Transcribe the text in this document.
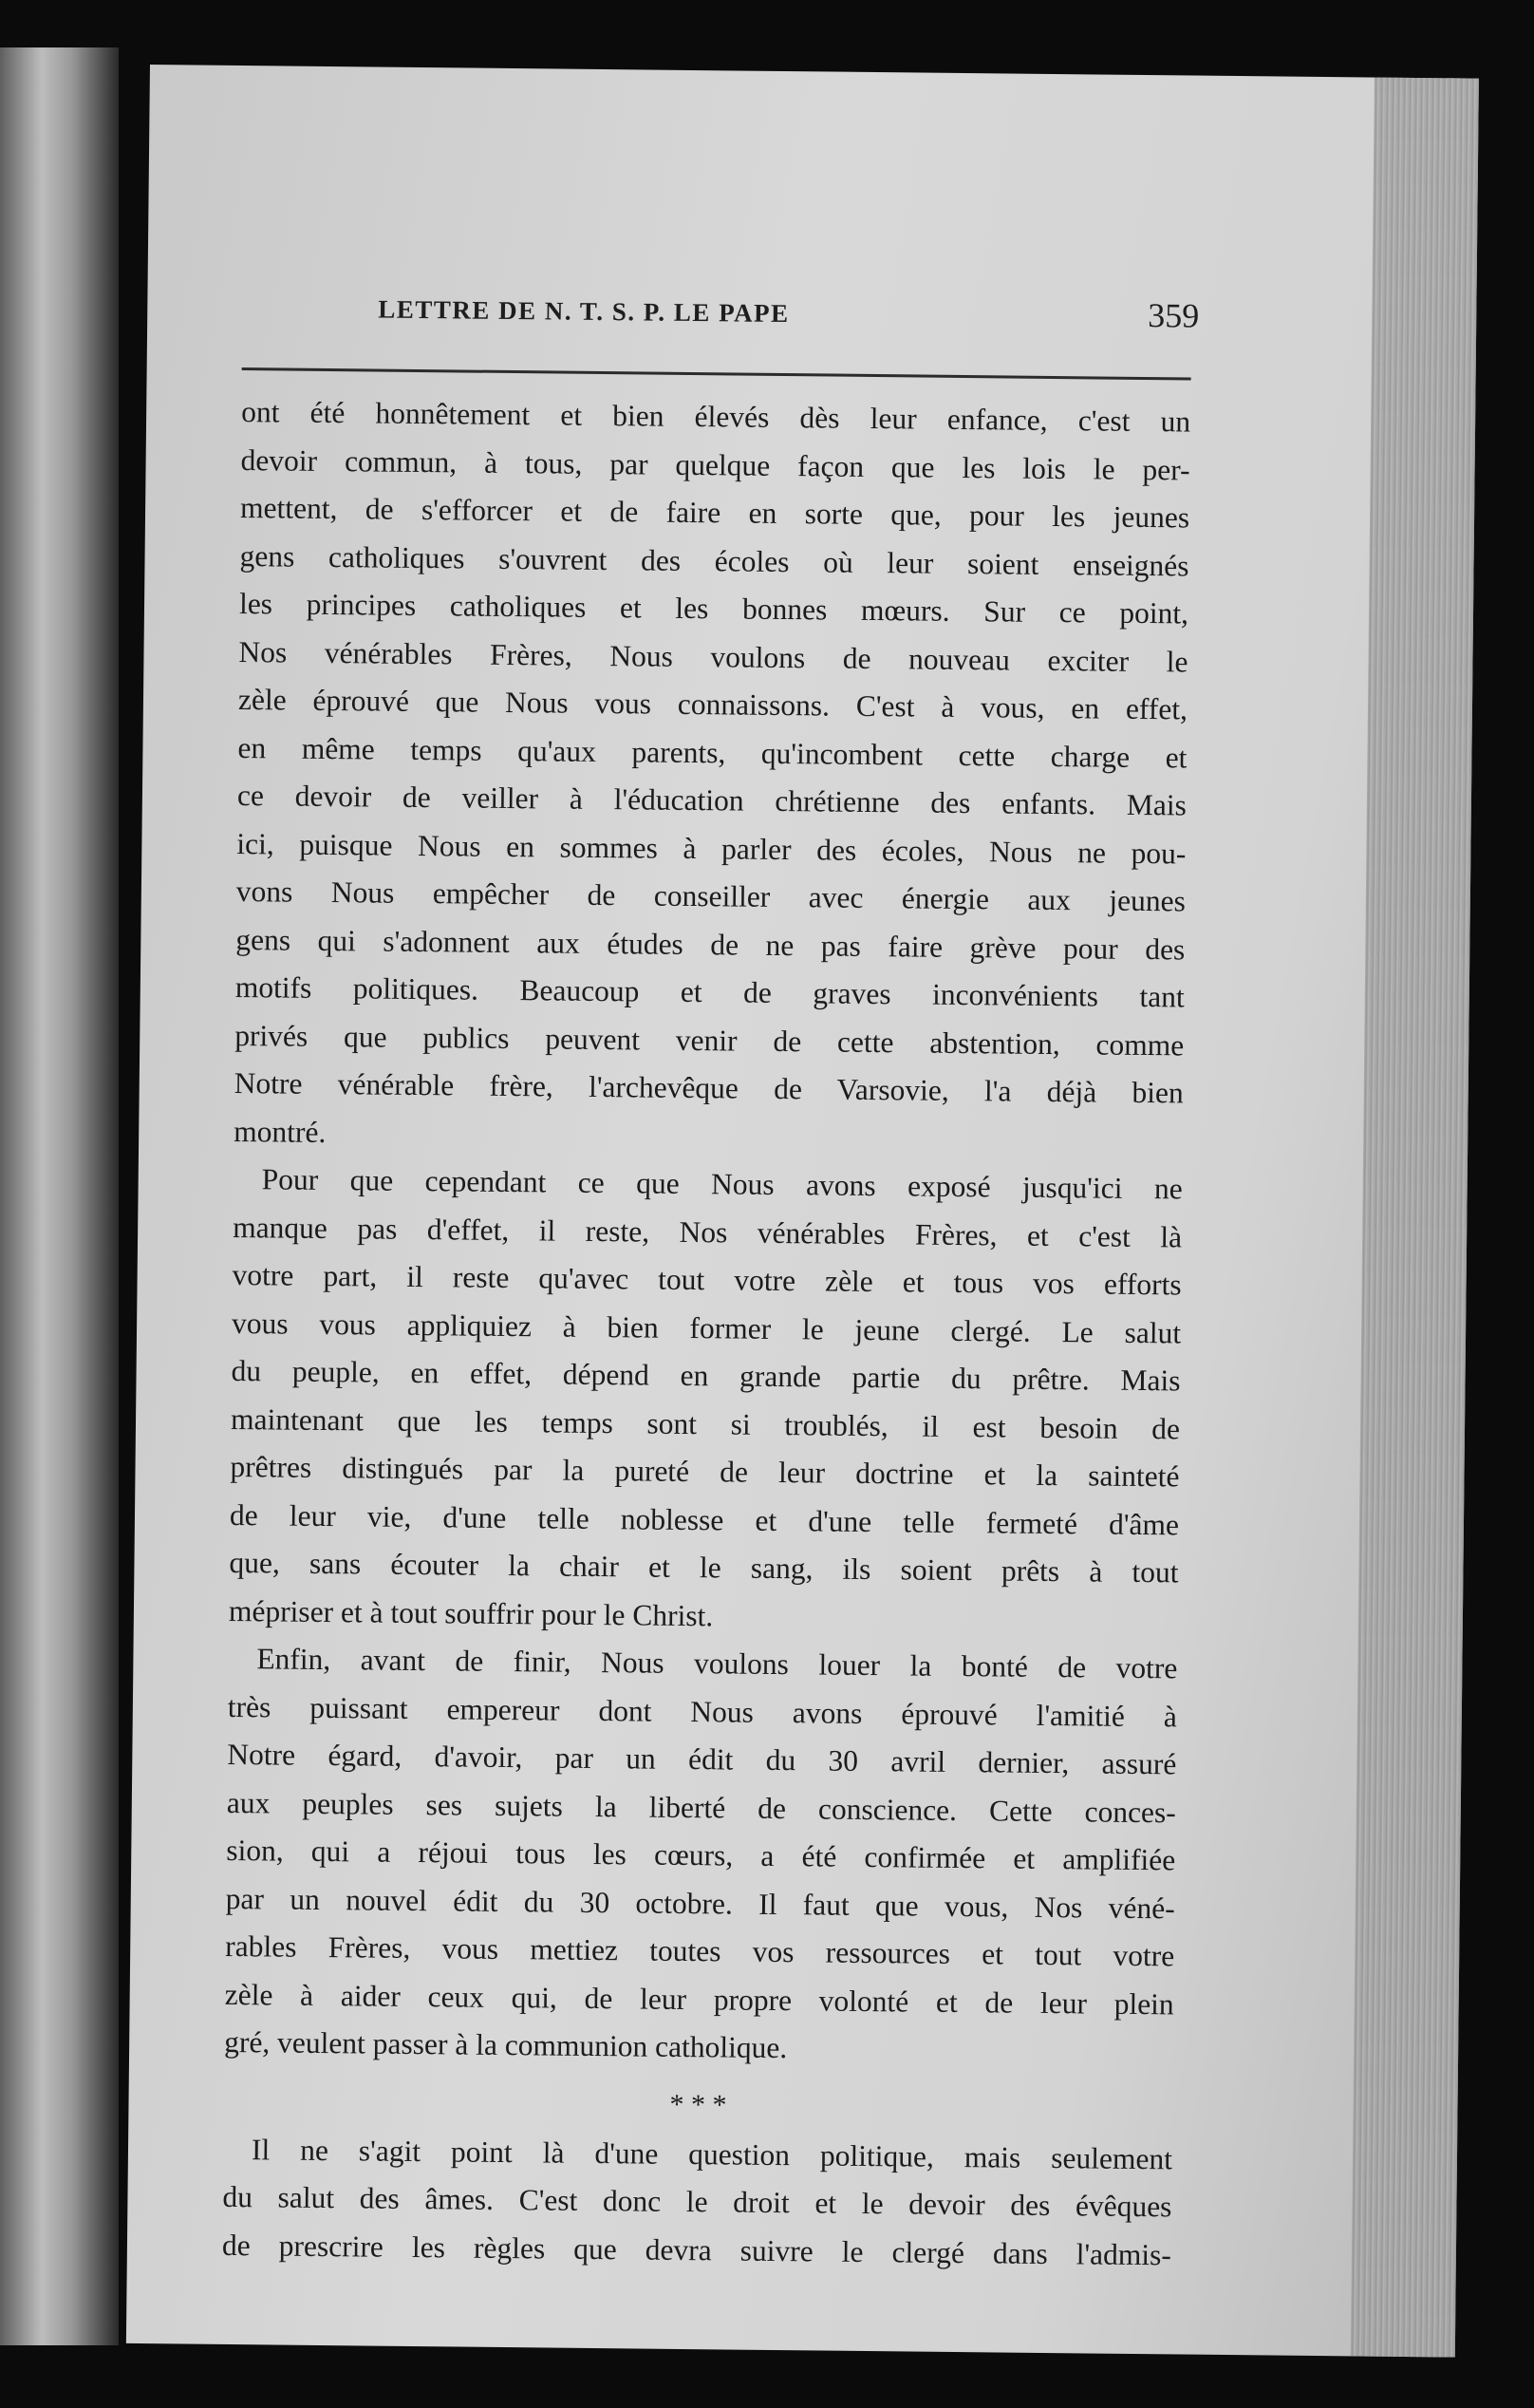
LETTRE DE N. T. S. P. LE PAPE	359
ont été honnêtement et bien élevés dès leur enfance, c'est un
devoir commun, à tous, par quelque façon que les lois le per-
mettent, de s'efforcer et de faire en sorte que, pour les jeunes
gens catholiques s'ouvrent des écoles où leur soient enseignés
les principes catholiques et les bonnes mœurs. Sur ce point,
Nos vénérables Frères, Nous voulons de nouveau exciter le
zèle éprouvé que Nous vous connaissons. C'est à vous, en effet,
en même temps qu'aux parents, qu'incombent cette charge et
ce devoir de veiller à l'éducation chrétienne des enfants. Mais
ici, puisque Nous en sommes à parler des écoles, Nous ne pou-
vons Nous empêcher de conseiller avec énergie aux jeunes
gens qui s'adonnent aux études de ne pas faire grève pour des
motifs politiques. Beaucoup et de graves inconvénients tant
privés que publics peuvent venir de cette abstention, comme
Notre vénérable frère, l'archevêque de Varsovie, l'a déjà bien
montré.
Pour que cependant ce que Nous avons exposé jusqu'ici ne
manque pas d'effet, il reste, Nos vénérables Frères, et c'est là
votre part, il reste qu'avec tout votre zèle et tous vos efforts
vous vous appliquiez à bien former le jeune clergé. Le salut
du peuple, en effet, dépend en grande partie du prêtre. Mais
maintenant que les temps sont si troublés, il est besoin de
prêtres distingués par la pureté de leur doctrine et la sainteté
de leur vie, d'une telle noblesse et d'une telle fermeté d'âme
que, sans écouter la chair et le sang, ils soient prêts à tout
mépriser et à tout souffrir pour le Christ.
Enfin, avant de finir, Nous voulons louer la bonté de votre
très puissant empereur dont Nous avons éprouvé l'amitié à
Notre égard, d'avoir, par un édit du 30 avril dernier, assuré
aux peuples ses sujets la liberté de conscience. Cette conces-
sion, qui a réjoui tous les cœurs, a été confirmée et amplifiée
par un nouvel édit du 30 octobre. Il faut que vous, Nos véné-
rables Frères, vous mettiez toutes vos ressources et tout votre
zèle à aider ceux qui, de leur propre volonté et de leur plein
gré, veulent passer à la communion catholique.
* * *
Il ne s'agit point là d'une question politique, mais seulement
du salut des âmes. C'est donc le droit et le devoir des évêques
de prescrire les règles que devra suivre le clergé dans l'admis-
